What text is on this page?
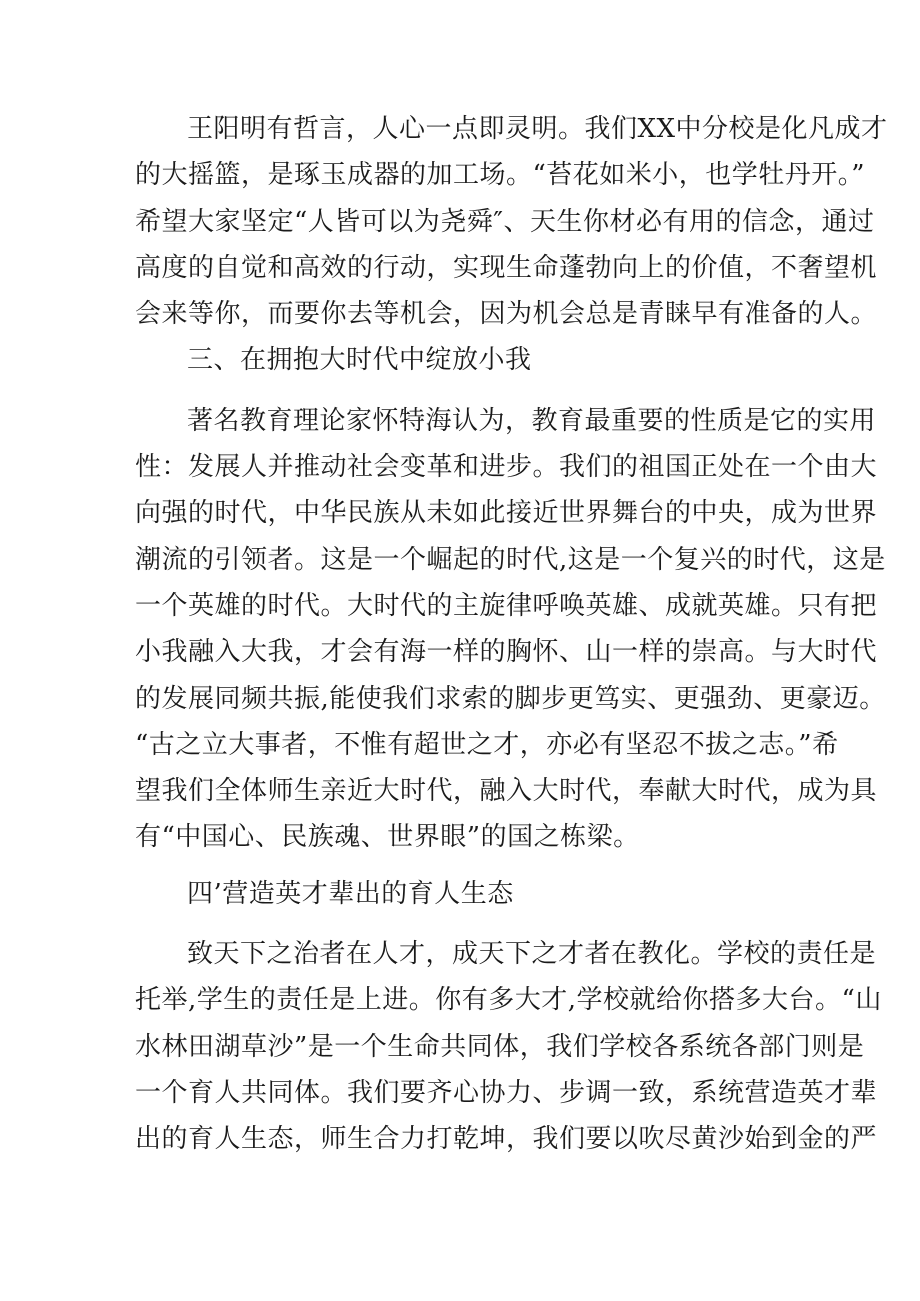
王阳明有哲言，人心一点即灵明。我们XX中分校是化凡成才
的大摇篮，是琢玉成器的加工场。“苔花如米小，也学牡丹开。”
希望大家坚定“人皆可以为尧舜″、天生你材必有用的信念，通过
高度的自觉和高效的行动，实现生命蓬勃向上的价值，不奢望机
会来等你，而要你去等机会，因为机会总是青睐早有准备的人。
三、在拥抱大时代中绽放小我
著名教育理论家怀特海认为，教育最重要的性质是它的实用
性：发展人并推动社会变革和进步。我们的祖国正处在一个由大
向强的时代，中华民族从未如此接近世界舞台的中央，成为世界
潮流的引领者。这是一个崛起的时代,这是一个复兴的时代，这是
一个英雄的时代。大时代的主旋律呼唤英雄、成就英雄。只有把
小我融入大我，才会有海一样的胸怀、山一样的崇高。与大时代
的发展同频共振,能使我们求索的脚步更笃实、更强劲、更豪迈。
“古之立大事者，不惟有超世之才，亦必有坚忍不拔之志。”希
望我们全体师生亲近大时代，融入大时代，奉献大时代，成为具
有“中国心、民族魂、世界眼”的国之栋梁。
四’营造英才辈出的育人生态
致天下之治者在人才，成天下之才者在教化。学校的责任是
托举,学生的责任是上进。你有多大才,学校就给你搭多大台。“山
水林田湖草沙”是一个生命共同体，我们学校各系统各部门则是
一个育人共同体。我们要齐心协力、步调一致，系统营造英才辈
出的育人生态，师生合力打乾坤，我们要以吹尽黄沙始到金的严
